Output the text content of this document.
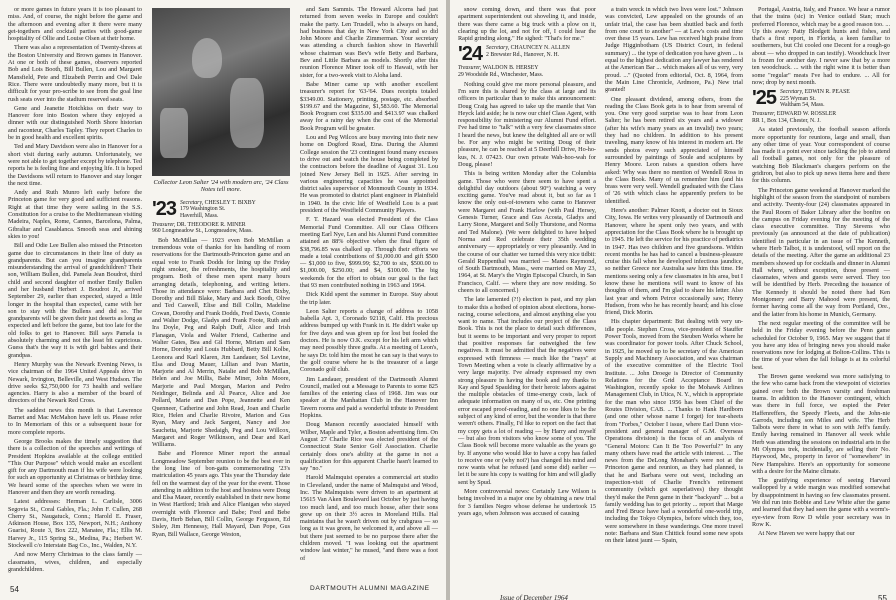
or more games in future years it is too pleasant to miss. And, of course, the night before the game and the afternoon and evening after it there were many get-togethers and cocktail parties with good-game hospitality of Ollie and Louise Olsen at their home.

There was also a representation of Twenty-threes at the Boston University and Brown games in Hanover. At one or both of these games, observers reported Bob and Lois Booth, Bill Bullen, Lou and Margaret Mansfield, Pete and Elizabeth Perrin and Owl Dale Rice. There were undoubtedly many more, but it is difficult for your pro-scribe to see from the goal line rush seats over into the stadium reserved seats.

Gene and Jeanette Hotchkiss on their way to Hanover fore into Boston where they enjoyed a dinner with our distinguished North Shore historian and raconteur, Charles Tapley. They report Charles to be in good health and excellent spirits.

Ted and Mary Davidson were also in Hanover for a short visit during early autumn. Unfortunately, we were not able to get together except by telephone. Ted reports he is feeling fine and enjoying life. It is hoped the Davidsons will return to Hanover and stay longer the next time.

Andy and Ruth Munro left early before the Princeton game for very good and sufficient reasons. Right at that time they were sailing in the S.S. Constitution for a cruise to the Mediterranean visiting Madeira, Naples, Rome, Cannes, Barcelona, Palma, Gibraltar and Casablanca. Smooth seas and shining skies to you!

Bill and Odie Lee Bullen also missed the Princeton game due to circumstances in their line of duty as grandparents. But can you imagine grandparents misunderstanding the arrival of grandchildren? Their son, William Bullen, did. Pamela Jean Boudrot, third child and second daughter of mother Emily Bullen and her husband Herbert J. Boudrot Jr., arrived September 29, earlier than expected, stayed a little longer in the hospital than expected, came with her son to stay with the Bullens and did so. The grandparents will be given their just deserts as long as expected and left before the game, but too late for the old folks to get to Hanover. Bill says Pamela is absolutely charming and not the least bit capricious. Guess that's the way it is with girl babies and their grandpas.

Henry Murphy was the Newark Evening News, is vice chairman of the 1964 United Appeals drive in Newark, Irvington, Belleville, and West Hudson. The drive seeks $2,750,000 for 73 health and welfare agencies. Harry is also a member of the board of directors of the Newark Red Cross.

The saddest news this month is that Lawrence Barnet and Mac McMahon have left us. Please refer to In Memoriam of this or a subsequent issue for more complete reports.

George Brooks makes the timely suggestion that there is a collection of the speeches and writings of President Hopkins available at the college entitled "This Our Purpose" which would make an excellent gift for any Dartmouth man if his wife were looking for such an opportunity at Christmas or birthday time. We heard some of the speeches when we were in Hanover and then they are worth rereading.

Latest addresses: Herman L. Carlisle, 3006 Segovia St., Coral Gables, Fla.; John F. Cullen, 268 Cherry St., Naugatuck, Conn.; Harold E. Fraser, Atkinson House, Box 135, Newport, N.H.; Anthony Guarisi, Route 3, Box 222, Manatee, Fla.; Ellis M. Harvey Jr., 115 Spring St., Medina, Pa.; Herbert W. Stockwell c/o Interstate Bag Co., Inc., Walden, N.Y.

And now Merry Christmas to the class family — classmates, wives, children, and especially grandchildren.

Collector Leon Salter '24 with modern arc, '24 Class Notes tell more.
'23 Secretary, CHESLEY T. BIXBY
179 Washington St.
Haverhill, Mass.

Treasurer, DR. THEODORE R. MINER
960 Longmeadow St., Longmeadow, Mass.

Bob McMillan — 1923 even Bob McMillan a tremendous vote of thanks for his handling of room reservations for the Dartmouth-Princeton game and an equal vote to Frank Dodds for lining up the Friday night smoker, the refreshments, the hospitality and program. Both of these men spent many hours arranging details, telephoning, and writing letters. Those in attendance were: Barbara and Chet Bixby, Dorothy and Bill Blake, Mary and Jack Booth, Olive and Ted Caswell, Elise and Bill Collin, Madeline Cowan, Dorothy and Frank Dodds, Fred Davis, Connie and Walter Dodge, Gladys and Frank Foote, Ruth and Ira Doyle, Peg and Ralph Duff, Alice and Irish Flanagan, Viola and Walter Friend, Catherine and Walter Gates, Bea and Gil Horne, Miriam and Sam Horne, Dorothy and Louis Hubbard, Betty Bill Kolbe, Leonora and Karl Klaren, Jim Landauer, Sol Levine, Elsa and Doug Mauer, Lillian and Ivan Martin, Marjorie and Al Merrin, Natalie and Bob McMillan, Helen and Joe Millis, Babe Miner, John Moore, Marjorie and Paul Morgan, Marion and Pedro Neidinger, Belinda and Al Pearce, Alice and Joe Pollard, Marie and Dan Pope, Jeannette and Ken Quenneer, Catherine and John Read, Joan and Charlie Rice, Helen and Charlie Rivoire, Marion and Gus Ryan, Mary and Jack Sargent, Nancy and Joe Sauchetta, Marjorie Shedaigh, Peg and Lou Willcox, Margaret and Roger Wilkinson, and Dear and Karl Williams.

Babe and Florence Miner report the annual Longmeadow September reunion to be the best ever in the long line of bon-gatts commemorating '23's matriculation 45 years ago. This year the Thursday date fell on the warmest day of the year for the event. Those attending in addition to the host and hostess were Doug and Elsa Mauer, recently established in their new home in West Hartford; Irish and Alice Flanigan who stayed overnight with Florence and Babe; Fred and Bebe Davis, Herb Behan, Bill Collin, George Ferguson, Ed Sisley, Jim Hennessy, Hall Mayard, Dan Pope, Gus Ryan, Bill Wallace, George Weston,

and Sam Sammis. The Howard Alcorns had just returned from seven weeks in Europe and couldn't make the party. Len Trusdell, who is always on hand, had business that day in New York City and so did John Moore and Charlie Zimmerman. Your secretary was attending a church fashion show in Haverhill whose chairman was Bev's wife Betty and Barbara, Bev and Little Barbara as models. Shortly after this reunion Florence Miner took off to Hawaii, with her sister, for a two-week visit to Aloha land.

Babe Miner came up with another excellent treasurer's report for '63-'64. Dues receipts totaled $3349.00. Stationery, printing, postage, etc. absorbed $199.67 and the Magazine, $1,583.60. The Memorial Book Program cost $335.00 and $413.97 was chalked away for a rainy day when the cost of the Memorial Book Program will be greater.

Lou and Peg Wilcox are busy moving into their new home on Dogford Road, Etna. During the Alumni College session the '23 contingent found many excuses to drive out and watch the house being completed by the contractors before the deadline of August 31. Lou joined New Jersey Bell in 1925. After serving in various engineering capacities he was appointed district sales supervisor of Monmouth County in 1934. He was promoted to district plant engineer in Plainfield in 1940. In the civic life of Westfield Lou is a past president of the Westfield Community Players.

F. T. Hazard was elected President of the Class Memorial Fund Committee. All our Class Officers meeting Earl Nye, Len and his Alumni Fund committee attained an 88% objective when the final figure of $38,796.85 was chalked up. Through their efforts we made a total contributions of $1,000.00 and gift $500 — $1,000 to five, $999.99; $2,700 to six, $500.00 to $1,000.00, $250.00; and $4, $100.00. The big weekends for the effort to obtain our goal is the fact that 93 men contributed nothing in 1963 and 1964.

Dick Kidd spent the summer in Europe. Stay about the trip later.

Leon Salter reports a change of address to 1058 Isabella Apt. 3, Coronado 92118, Calif. His precious address bumped up with Frank in it. He didn't wake up for five days and was given up for lost but fooled the doctors. He is now O.K. except for his left arm which may need possibly three grafts. At a meeting of Leon's, he says Dr. told him the most he can say is that ways to the golf course where he is the treasurer of a large Coronado golf club.

Jim Landauer, president of the Dartmouth Alumni Council, mailed out a Message to Parents to some 825 families of the entering class of 1968. Jim was our speaker at the Manhattan Club in the Hanover Inn Tavern rooms and paid a wonderful tribute to President Hopkins.

Doug Manson recently associated himself with Wilber, Maple and Tyler, a Boston advertising firm. On August 27 Charlie Rice was elected president of the Connecticut State Senior Golf Association. Charlie certainly does one's ability at the game in not a qualification for this apparent Charlie hasn't learned to say "no."

Harold Malmquist operates a commercial art studio in Cleveland, under the name of Malmquist and Wood, Inc. The Malmquists were driven to an apartment at 15615 Van Aken Boulevard last October by just having too much land, and too much house, after their sons grew up on their 3½ acres in Moreland Hills. Hal maintains that he wasn't driven out by crabgrass — so long as it was green, he welcomed it, and above all — but there just seemed to be no purpose there after the children moved. "I was looking out the apartment window last winter," he mused, "and there was a foot of

54	DARTMOUTH ALUMNI MAGAZINE

snow coming down, and there was that poor apartment superintendent out shoveling it, and inside, there was there came a big truck with a plow on it, clearing up the lot, and not for off, I could hear the Rapid grinding along." He sighed: "That's for me."

'24 Secretary, CHAUNCEY N. ALLEN
2 Brewster Rd., Hanover, N. H.

Treasurer, WALDON B. HERSEY
29 Woodside Rd., Winchester, Mass.

Nothing could give me more personal pleasure, and I'm sure this is shared by the class at large and its officers in particular than to make this announcement: Doug Craig has agreed to take up the mantle that Van Heyck laid aside; he is now our chief Class Agent, with responsibility for ministering our Alumni Fund effort. I've had time to "talk" with a very few classmates since I heard the news, but knew the delighted all are or will be. For any who might be writing Doug of their pleasure, he can be reached at 5 Deerhill Drive, Ho-ho-kus, N. J. 07423. Our own private Wah-hoo-wah for Doug, please!

This is being written Monday after the Columbia game. Those who were there seem to have spent a delightful day outdoors (about 90°) watching a very exciting game. You've read about it, but so far as I know the only out-of-towners who came to Hanover were Margaret and Frank Harlow (with Paul Hersey, Genesis Turner, Grace and Gus Acosta, Gladys and Larry Stone, Margaret and Solly Thurstone, and Norma and Ted Malone). (We were delighted to have helped Norma and Red celebrate their 35th wedding anniversary — appropriately or very pleasantly. And in the course of our chatter we turned this very nice tidbit: Gerald Ruppenthal was married — Manes Raymond, of South Dartmouth, Mass., were married on May 23, 1964, at St. Mary's the Virgin Episcopal Church, in San Francisco, Calif. — where they are now residing. So cheers to all concerned.)

The late lamented (?!) election is past, and my plan to make this a hotbed of opinion about elections, horse-racing, course selections, and almost anything else you want to name. That includes our project of the Class Book. This is not the place to detail such differences, but it seems to be important and very proper to report that positive responses far outweighed the few negatives. It must be admitted that the negatives were expressed with firmness — much like the "nays" at Town Meeting when a vote is clearly affirmative by a very large majority. I've already expressed my own strong pleasure in having the book and my thanks to Kay and Spud Spaulding for their heroic labors against the multiple obstacles of time-energy costs, lack of adequate information on many of us, etc. One printing error escaped proof-reading, and no one likes to be the subject of any kind of error, but the wonder is that there weren't others. Finally, I'd like to report on the fact that my copy gets a lot of reading — by Harry and myself — but also from visitors who know some of you. The Class Book will become more valuable as the years go by. If anyone who would like to have a copy has failed to receive one or (why not?) has changed his mind and now wants what he refused (and some did) earlier — let it be sure his copy is waiting for him and will gladly sent by Spud.

More controversial news: Certainly Lew Wilson is being involved in a major one by obtaining a new trial for 3 families Negro whose defense he undertook 15 years ago, when Johnson was accused of causing

a train wreck in which two lives were lost." Johnson was convicted, Lew appealed on the grounds of an unfair trial, the case has been shuttled back and forth from one court to another" — at Lew's costs and time over these 15 years. Lew has received high praise from Judge Higginbotham (US District Court, in federal summary) ... the type of dedication you have given ... is equal to the highest dedication any lawyer has rendered at the American Bar ... which makes all of us very, very proud. ..." (Quoted from editorial, Oct. 8, 1964, from the Main Line Chronicle, Ardmore, Pa.) New trial granted!

One pleasant dividend, among others, from the reading the Class Book gets is to hear from several of you. One very good surprise was to hear from Leon Salter; he has been retired six years and a widower (after his wife's many years as an invalid) two years; they had no children. In addition to his present traveling, many know of his interest in modern art. He sends photos every such appreciated of himself surrounded by paintings of Soule and sculptures by Henry Moore. Leon raises a question others have asked: Why was there no mention of Wendell Ross in the Class Book. Many of us remember him (and his brass were very well. Wendell graduated with the Class of '26 with which class he apparently prefers to be identified.

Here's another: Palmer Knott, a doctor out in Sioux City, Iowa. He writes very pleasantly of Dartmouth and Hanover, where he spent only two years, and with appreciation for the Class Book where he is brought up to 1945. He left the service for his practice of pediatrics in 1947. Has two children and five grandsons. Within recent months he has had to cancel a business-pleasure cruise this fall when he developed infectious jaundice, so neither Greece nor Australia saw him this time. He mentions seeing only a few classmates in his area, but I know these he mentions will want to know of his thoughts of them, and I'm glad to share his letter. Also last year and whom Peirce occasionally saw; Henry Hudson, from who he has recently heard; and his close friend, Dick Morin.

His chapter department: But dealing with very un-idle people. Stephen Cross, vice-president of Stauffer Power Tools, moved from the Steuben Works where he was coordinator for power tools. After Chuck School, in 1925, he moved up to be secretary of the American Supply and Machinery Association, and was chairman of the executive committee of the Electric Tool Institute. ... John Droege is Director of Community Relations for the Grid Acceptance Board in Washington, recently spoke to the Mohawk Airlines Management Club, in Utica, N. Y., which is appropriate for the man who since 1956 has been Chief of the Routes Division, CAB. ... Thanks to Hank Hardborn (and one other whose name I forget) for tear-sheets from "Forbes," October I issue, where Earl Dunn vice-president and general manager of G.M. Overseas Operations division) is the focus of an analysis of "General Motors: Can It Be Too Powerful?" In any many others have read the article with interest. ... The news from the DeLong Monahan's were not at the Princeton game and reunion, as they had planned, is that he and Barbara were out west, including an inspection-visit of Charlie French's retirement community (which got superlatives) they thought they'd make the Penn game in their "backyard" ... but a family wedding has to get priority ... report that Marge and Fred Bruce have had a wonderful one-world trip, including the Tokyo Olympics, before which they, too, were somewhere in these wanderings. One more travel note: Barbara and Stan Chittick found some new spots on their latest jaunt — Spain,

Portugal, Austria, Italy, and France. We hear a rumor that the trains (sic) in Venice outlaid Stan; much preferred Florence, which may be a good reason too. ... Up this away: Patty Blodgett hunts and fishes, and that's a first report, in Florida, a keen familiar to southerners, but Chi cooled one Decent for a rough-go about — who dropped in can testify). Woodchuck liver is frozen for another day. I never saw that by a more ten woodchuck. ... with the right wine it is better than some "regular" meats I've had to endure. ... All for now; drop by next month.

'25 Secretary, EDWIN R. PEASE
225 Wyman St.
Waltham 54, Mass.

Treasurer, EDWARD W. ROSSLER
RR 1, Box 134, Chester, N. J.

As stated previously, the football season affords more opportunity for reunions, large and small, than any other time of year. Your correspondent of course has made it a point ever since tackling the job to attend all football games, not only for the pleasure of watching Bob Blackman's chargers perform on the gridiron, but also to pick up news items here and there for this column.

The Princeton game weekend at Hanover marked the highlight of the season from the standpoint of numbers and activity. Twenty-four (24) classmates appeared in the Paul Room of Baker Library after the bonfire on the campus on Friday evening for the meeting of the class executive committee. Tiny Stevens who previously (as announced at the date of publication) identified in particular in an issue of The Kenneth, where Herb Talbot, it is understood, will report on the details of the meeting. After the game an additional 23 members showed up for cocktails and dinner in Alumni Hall where, without exception, those present — classmates, wives and guests were served. They too will be identified by Herb. Preceding the issuance of The Kennedy it should be noted there had Ken Montgomery and Barry Mahood were present, the former having come all the way from Portland, Ore., and the latter from his home in Munich, Germany.

The next regular meeting of the committee will be held in the Friday evening before the Penn game scheduled for October 9, 1965. May we suggest that if you have any idea of bringing news you should make reservations now for lodging at Bolton-Collins. This is the time of year when the fall foliage is at its colorful best.

The Brown game weekend was more satisfying to the few who came back from the viewpoint of victories gained over both the Brown varsity and freshman teams. In addition to the Hanover contingent, which was there in full force, we espied the Peter Haffenreffers, the Speedy Fleets, and the John-nie Garrods, including son Miles and wife. The Herb Talbots were there in what to son with Jeff's family. Emily having remained in Hanover all week while Herb was attending the sessions on industrial arts in the Mt Olympus trek, incidentally, are selling their No. Haywood, Me., property in favor of "somewhere" in New Hampshire. Here's an opportunity for someone with a desire for the Maine climate.

The gratifying experience of seeing Harvard wallopped by a wide margin was modified somewhat by disappointment in having so few classmates present. We did run into Bobbie and Lew White after the game and learned that they had seen the game with a worm's-eye-view from Row D while your secretary was in Row K.

At New Haven we were happy that our

Issue of December 1964	55
